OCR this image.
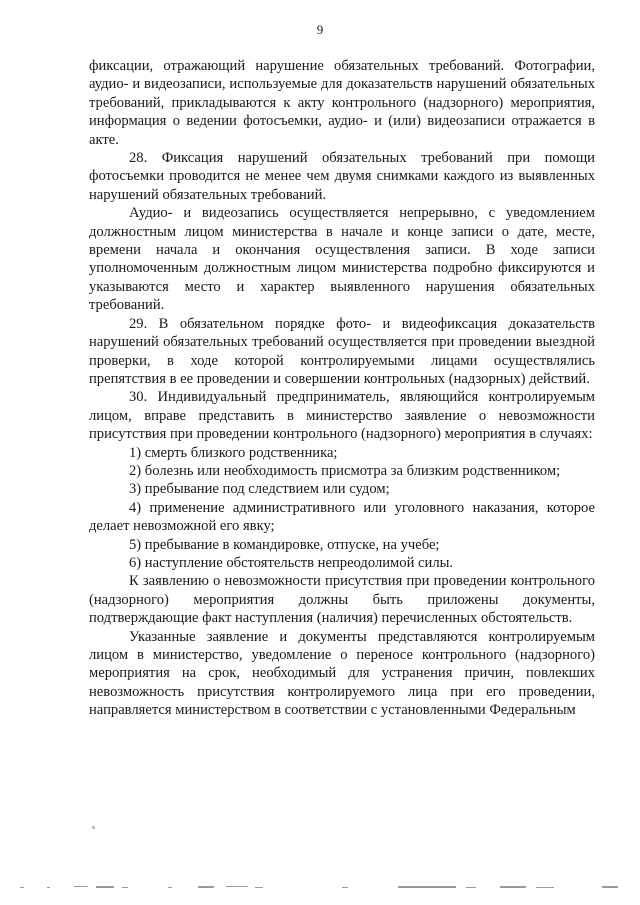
9

фиксации, отражающий нарушение обязательных требований. Фотографии, аудио- и видеозаписи, используемые для доказательств нарушений обязательных требований, прикладываются к акту контрольного (надзорного) мероприятия, информация о ведении фотосъемки, аудио- и (или) видеозаписи отражается в акте.

28. Фиксация нарушений обязательных требований при помощи фотосъемки проводится не менее чем двумя снимками каждого из выявленных нарушений обязательных требований.

Аудио- и видеозапись осуществляется непрерывно, с уведомлением должностным лицом министерства в начале и конце записи о дате, месте, времени начала и окончания осуществления записи. В ходе записи уполномоченным должностным лицом министерства подробно фиксируются и указываются место и характер выявленного нарушения обязательных требований.

29. В обязательном порядке фото- и видеофиксация доказательств нарушений обязательных требований осуществляется при проведении выездной проверки, в ходе которой контролируемыми лицами осуществлялись препятствия в ее проведении и совершении контрольных (надзорных) действий.

30. Индивидуальный предприниматель, являющийся контролируемым лицом, вправе представить в министерство заявление о невозможности присутствия при проведении контрольного (надзорного) мероприятия в случаях:

1) смерть близкого родственника;

2) болезнь или необходимость присмотра за близким родственником;

3) пребывание под следствием или судом;

4) применение административного или уголовного наказания, которое делает невозможной его явку;

5) пребывание в командировке, отпуске, на учебе;

6) наступление обстоятельств непреодолимой силы.

К заявлению о невозможности присутствия при проведении контрольного (надзорного) мероприятия должны быть приложены документы, подтверждающие факт наступления (наличия) перечисленных обстоятельств.

Указанные заявление и документы представляются контролируемым лицом в министерство, уведомление о переносе контрольного (надзорного) мероприятия на срок, необходимый для устранения причин, повлекших невозможность присутствия контролируемого лица при его проведении, направляется министерством в соответствии с установленными Федеральным
